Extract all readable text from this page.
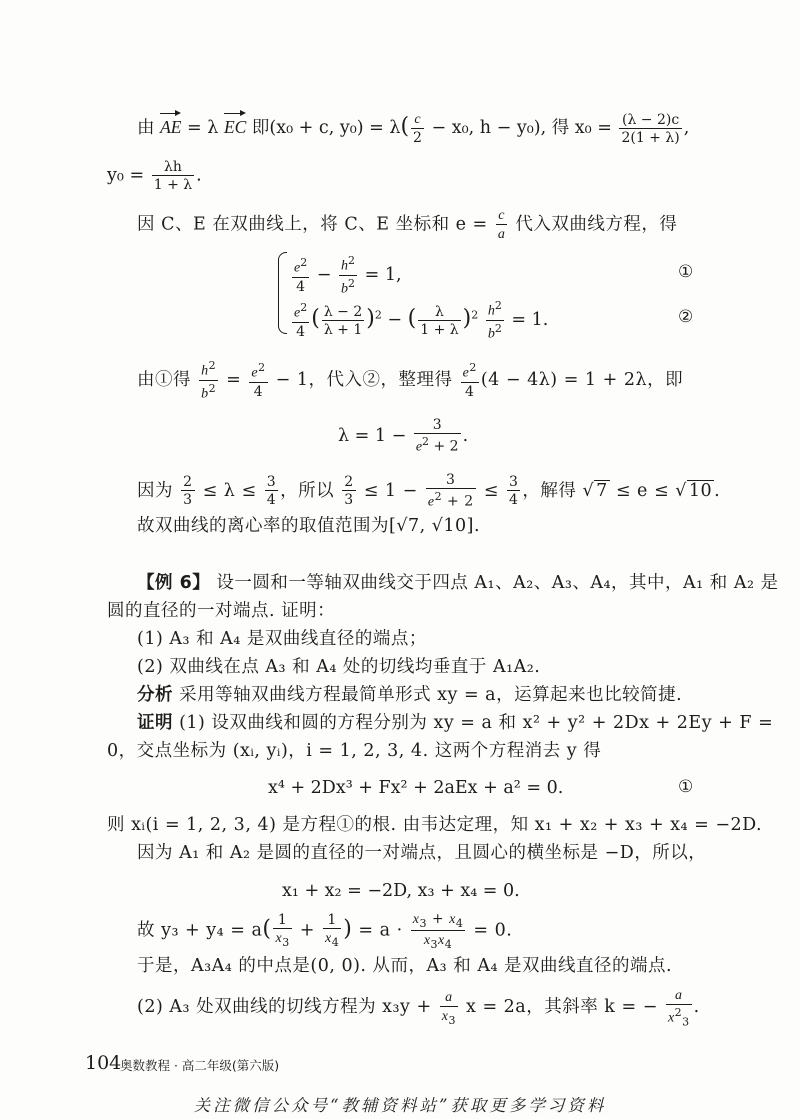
由 AE = λ EC 即(x₀ + c, $y_0) = \lambda( \frac{c}{2} - x_0$, h − y₀), 得 $x_0 = \frac{(\lambda - 2)c}{2(1 + \lambda)}$ ,
$y_0 = \frac{\lambda h}{1 + \lambda}$ .
因 C、E 在双曲线上，将 C、E 坐标和 $e = \frac{c}{a}$ 代入双曲线方程，得
$\frac{e^2}{4} - \frac{h^2}{b^2} = 1$,	①
$\frac{e^2}{4}$ ( $\frac{\lambda - 2}{\lambda + 1} )^2$ − ( $\frac{\lambda}{1 + \lambda} )^2 \frac{h^2}{b^2} = 1$.	②
由①得 $\frac{h^2}{b^2} = \frac{e^2}{4} - 1$，代入②，整理得 $\frac{e^2}{4} (4 - 4\lambda) = 1 + 2\lambda$，即
$\lambda = 1 - \frac{3}{e^2 + 2}$ .
因为 $\frac{2}{3} \le \lambda \le \frac{3}{4}$ ，所以 $\frac{2}{3} \le 1 - \frac{3}{e^2 + 2} \le \frac{3}{4}$ ，解得 √ 7 ≤ e ≤ √ 10 .
故双曲线的离心率的取值范围为[√7, √10].
【例 6】 设一圆和一等轴双曲线交于四点 A₁、A₂、A₃、A₄，其中，A₁ 和 A₂ 是
圆的直径的一对端点. 证明：
(1) A₃ 和 A₄ 是双曲线直径的端点；
(2) 双曲线在点 A₃ 和 A₄ 处的切线均垂直于 A₁A₂.
分析 采用等轴双曲线方程最简单形式 xy = a，运算起来也比较简捷.
证明 (1) 设双曲线和圆的方程分别为 xy = a 和 x² + y² + 2Dx + 2Ey + F =
0，交点坐标为 (xᵢ, yᵢ)，i = 1, 2, 3, 4. 这两个方程消去 y 得
x⁴ + 2Dx³ + Fx² + 2aEx + a² = 0.	①
则 xᵢ(i = 1, 2, 3, 4) 是方程①的根. 由韦达定理，知 x₁ + x₂ + x₃ + x₄ = −2D.
因为 A₁ 和 A₂ 是圆的直径的一对端点，且圆心的横坐标是 −D，所以，
x₁ + x₂ = −2D, x₃ + x₄ = 0.
故 $y_3 + y_4 = a( \frac{1}{x_3} + \frac{1}{x_4}$ ) = $a \cdot \frac{x_3 + x_4}{x_3x_4} = 0$.
于是，A₃A₄ 的中点是(0, 0). 从而，A₃ 和 A₄ 是双曲线直径的端点.
(2) A₃ 处双曲线的切线方程为 $x_3y + \frac{a}{x_3}$ x = 2a，其斜率 k = − $\frac{a}{x^2_3}$ .
104
奥数教程 · 高二年级(第六版)
关注微信公众号“教辅资料站”获取更多学习资料
